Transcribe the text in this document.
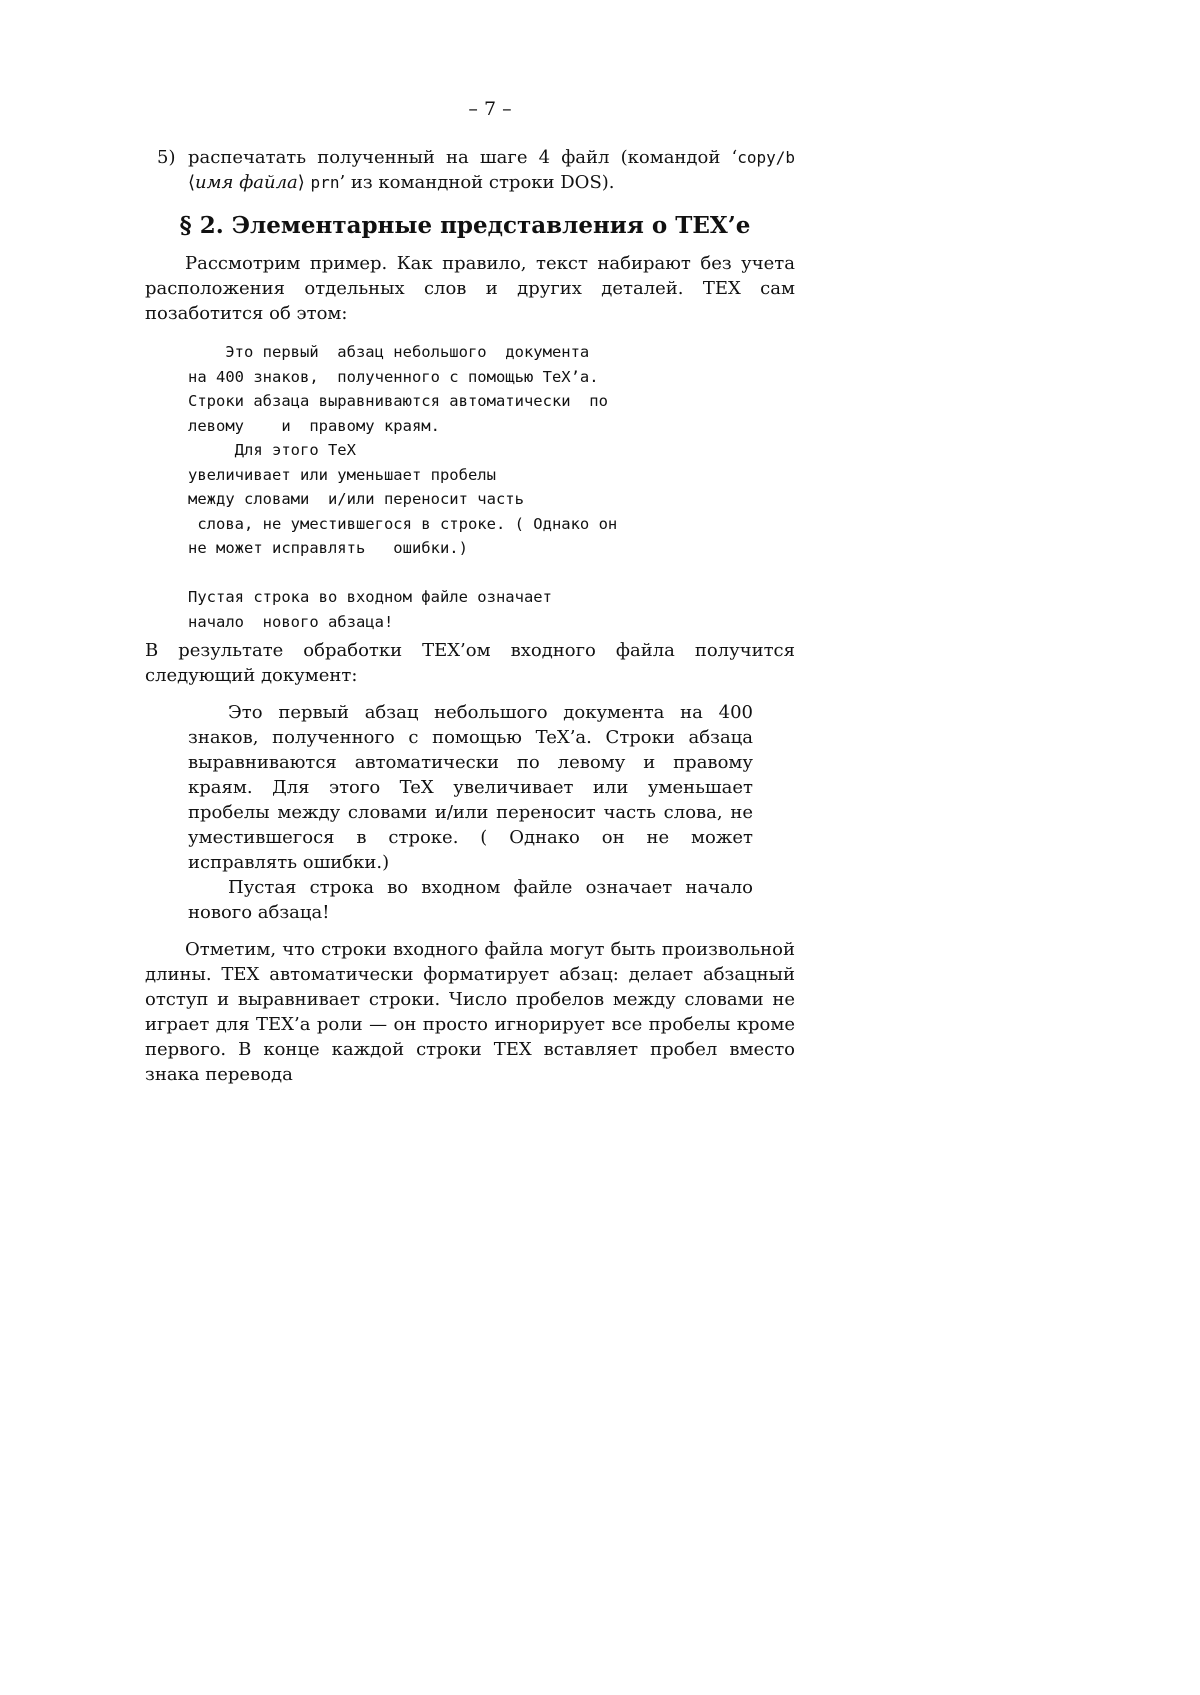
– 7 –
5) распечатать полученный на шаге 4 файл (командой ‘copy/b ⟨имя файла⟩ prn’ из командной строки DOS).
§ 2. Элементарные представления о ТЕХ’е
Рассмотрим пример. Как правило, текст набирают без учета расположения отдельных слов и других деталей. ТЕХ сам позаботится об этом:
Это первый  абзац небольшого  документа
на 400 знаков,  полученного с помощью TeX’а.
Строки абзаца выравниваются автоматически  по
левому    и  правому краям.
Для этого TeX
увеличивает или уменьшает пробелы
между словами  и/или переносит часть
слова, не уместившегося в строке. ( Однако он
не может исправлять   ошибки.)

Пустая строка во входном файле означает
начало  нового абзаца!
В результате обработки ТЕХ’ом входного файла получится следующий документ:
Это первый абзац небольшого документа на 400 знаков, полученного с помощью TeX’а. Строки абзаца выравниваются автоматически по левому и правому краям. Для этого TeX увеличивает или уменьшает пробелы между словами и/или переносит часть слова, не уместившегося в строке. ( Однако он не может исправлять ошибки.)
Пустая строка во входном файле означает начало нового абзаца!
Отметим, что строки входного файла могут быть произвольной длины. ТЕХ автоматически форматирует абзац: делает абзацный отступ и выравнивает строки. Число пробелов между словами не играет для ТЕХ’а роли — он просто игнорирует все пробелы кроме первого. В конце каждой строки ТЕХ вставляет пробел вместо знака перевода
